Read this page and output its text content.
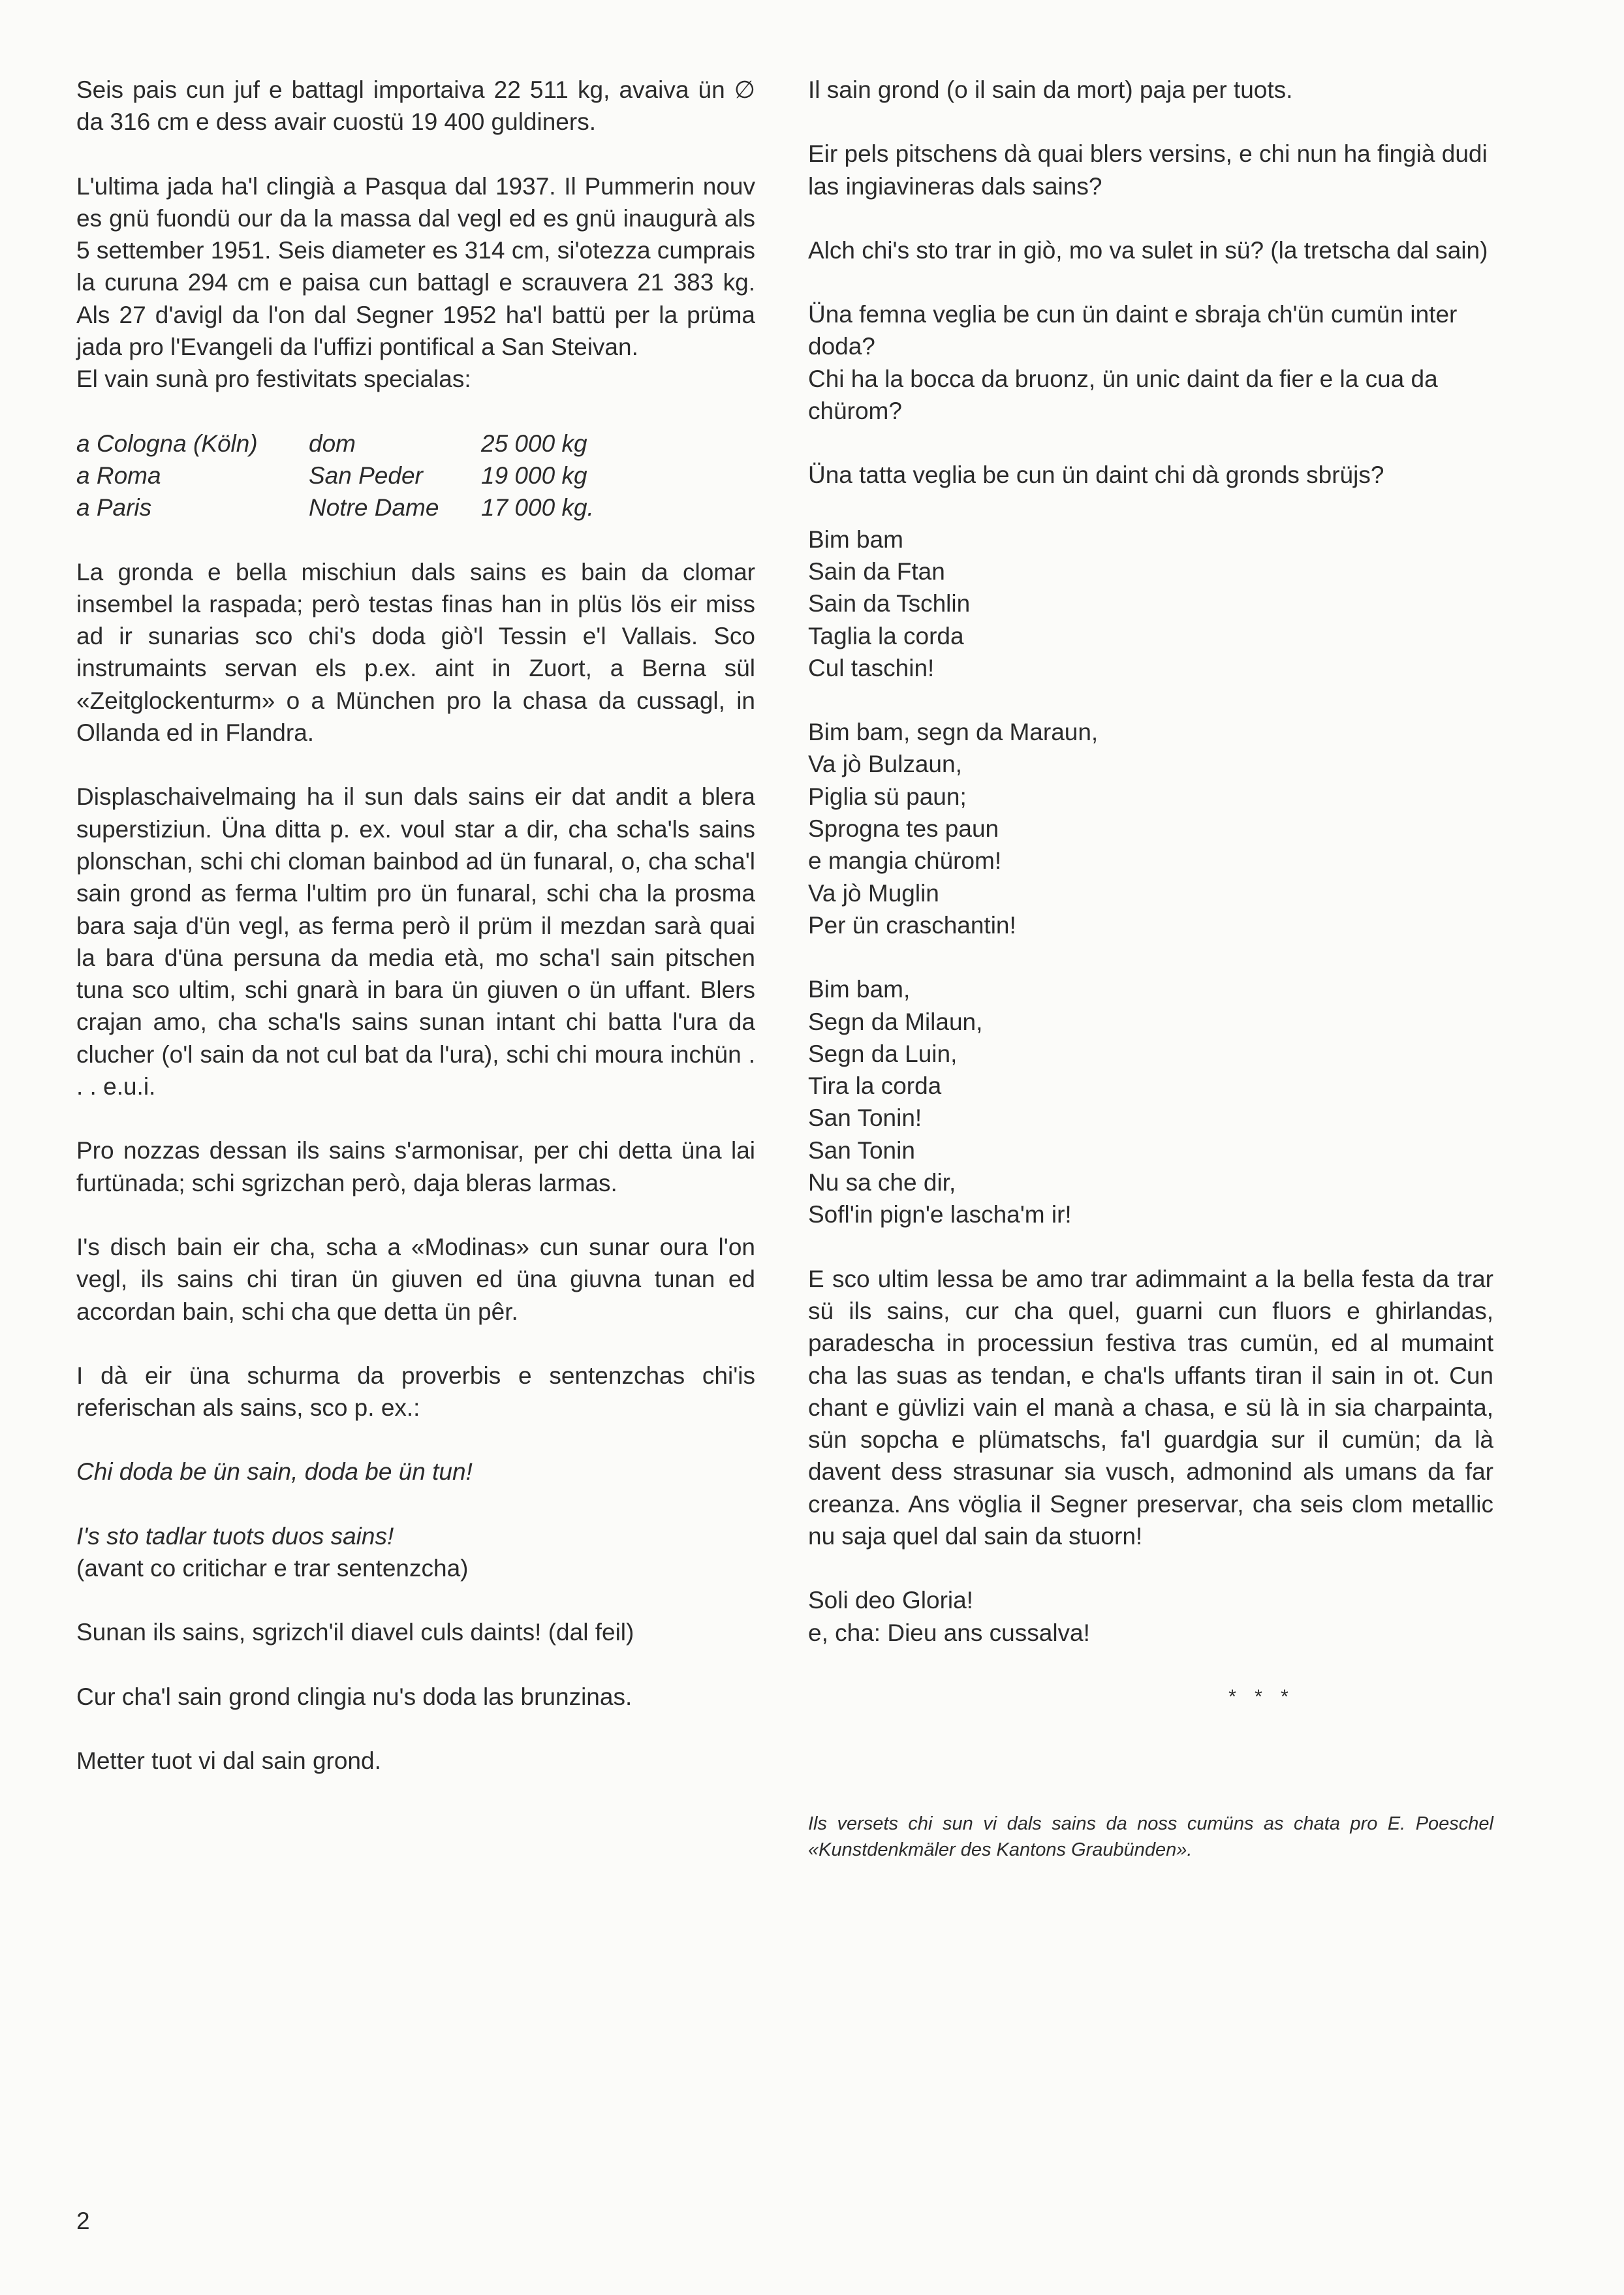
Seis pais cun juf e battagl importaiva 22 511 kg, avaiva ün ∅ da 316 cm e dess avair cuostü 19 400 guldiners.

L'ultima jada ha'l clingià a Pasqua dal 1937. Il Pummerin nouv es gnü fuondü our da la massa dal vegl ed es gnü inaugurà als 5 settember 1951. Seis diameter es 314 cm, si'otezza cumprais la curuna 294 cm e paisa cun battagl e scrauvera 21 383 kg. Als 27 d'avigl da l'on dal Segner 1952 ha'l battü per la prüma jada pro l'Evangeli da l'uffizi pontifical a San Steivan.

El vain sunà pro festivitats specialas:

a Cologna (Köln)	dom	25 000 kg
a Roma	San Peder	19 000 kg
a Paris	Notre Dame	17 000 kg.

La gronda e bella mischiun dals sains es bain da clomar insembel la raspada; però testas finas han in plüs lös eir miss ad ir sunarias sco chi's doda giò'l Tessin e'l Vallais. Sco instrumaints servan els p.ex. aint in Zuort, a Berna sül «Zeitglockenturm» o a München pro la chasa da cussagl, in Ollanda ed in Flandra.

Displaschaivelmaing ha il sun dals sains eir dat andit a blera superstiziun. Üna ditta p. ex. voul star a dir, cha scha'ls sains plonschan, schi chi cloman bainbod ad ün funaral, o, cha scha'l sain grond as ferma l'ultim pro ün funaral, schi cha la prosma bara saja d'ün vegl, as ferma però il prüm il mezdan sarà quai la bara d'üna persuna da media età, mo scha'l sain pitschen tuna sco ultim, schi gnarà in bara ün giuven o ün uffant. Blers crajan amo, cha scha'ls sains sunan intant chi batta l'ura da clucher (o'l sain da not cul bat da l'ura), schi chi moura inchün . . . e.u.i.

Pro nozzas dessan ils sains s'armonisar, per chi detta üna lai furtünada; schi sgrizchan però, daja bleras larmas.

I's disch bain eir cha, scha a «Modinas» cun sunar oura l'on vegl, ils sains chi tiran ün giuven ed üna giuvna tunan ed accordan bain, schi cha que detta ün pêr.

I dà eir üna schurma da proverbis e sentenzchas chi'is referischan als sains, sco p. ex.:

Chi doda be ün sain, doda be ün tun!

I's sto tadlar tuots duos sains!
(avant co critichar e trar sentenzcha)

Sunan ils sains, sgrizch'il diavel culs daints! (dal feil)

Cur cha'l sain grond clingia nu's doda las brunzinas.

Metter tuot vi dal sain grond.

Il sain grond (o il sain da mort) paja per tuots.

Eir pels pitschens dà quai blers versins, e chi nun ha fingià dudi las ingiavineras dals sains?

Alch chi's sto trar in giò, mo va sulet in sü? (la tretscha dal sain)

Üna femna veglia be cun ün daint e sbraja ch'ün cumün inter doda?
Chi ha la bocca da bruonz, ün unic daint da fier e la cua da chürom?

Üna tatta veglia be cun ün daint chi dà gronds sbrüjs?

Bim bam
Sain da Ftan
Sain da Tschlin
Taglia la corda
Cul taschin!
Bim bam, segn da Maraun,
Va jò Bulzaun,
Piglia sü paun;
Sprogna tes paun
e mangia chürom!
Va jò Muglin
Per ün craschantin!
Bim bam,
Segn da Milaun,
Segn da Luin,
Tira la corda
San Tonin!
San Tonin
Nu sa che dir,
Sofl'in pign'e lascha'm ir!

E sco ultim lessa be amo trar adimmaint a la bella festa da trar sü ils sains, cur cha quel, guarni cun fluors e ghirlandas, paradescha in processiun festiva tras cumün, ed al mumaint cha las suas as tendan, e cha'ls uffants tiran il sain in ot. Cun chant e güvlizi vain el manà a chasa, e sü là in sia charpainta, sün sopcha e plümatschs, fa'l guardgia sur il cumün; da là davent dess strasunar sia vusch, admonind als umans da far creanza. Ans vöglia il Segner preservar, cha seis clom metallic nu saja quel dal sain da stuorn!

Soli deo Gloria!
e, cha: Dieu ans cussalva!

* * *

Ils versets chi sun vi dals sains da noss cumüns as chata pro E. Poeschel «Kunstdenkmäler des Kantons Graubünden».

2
